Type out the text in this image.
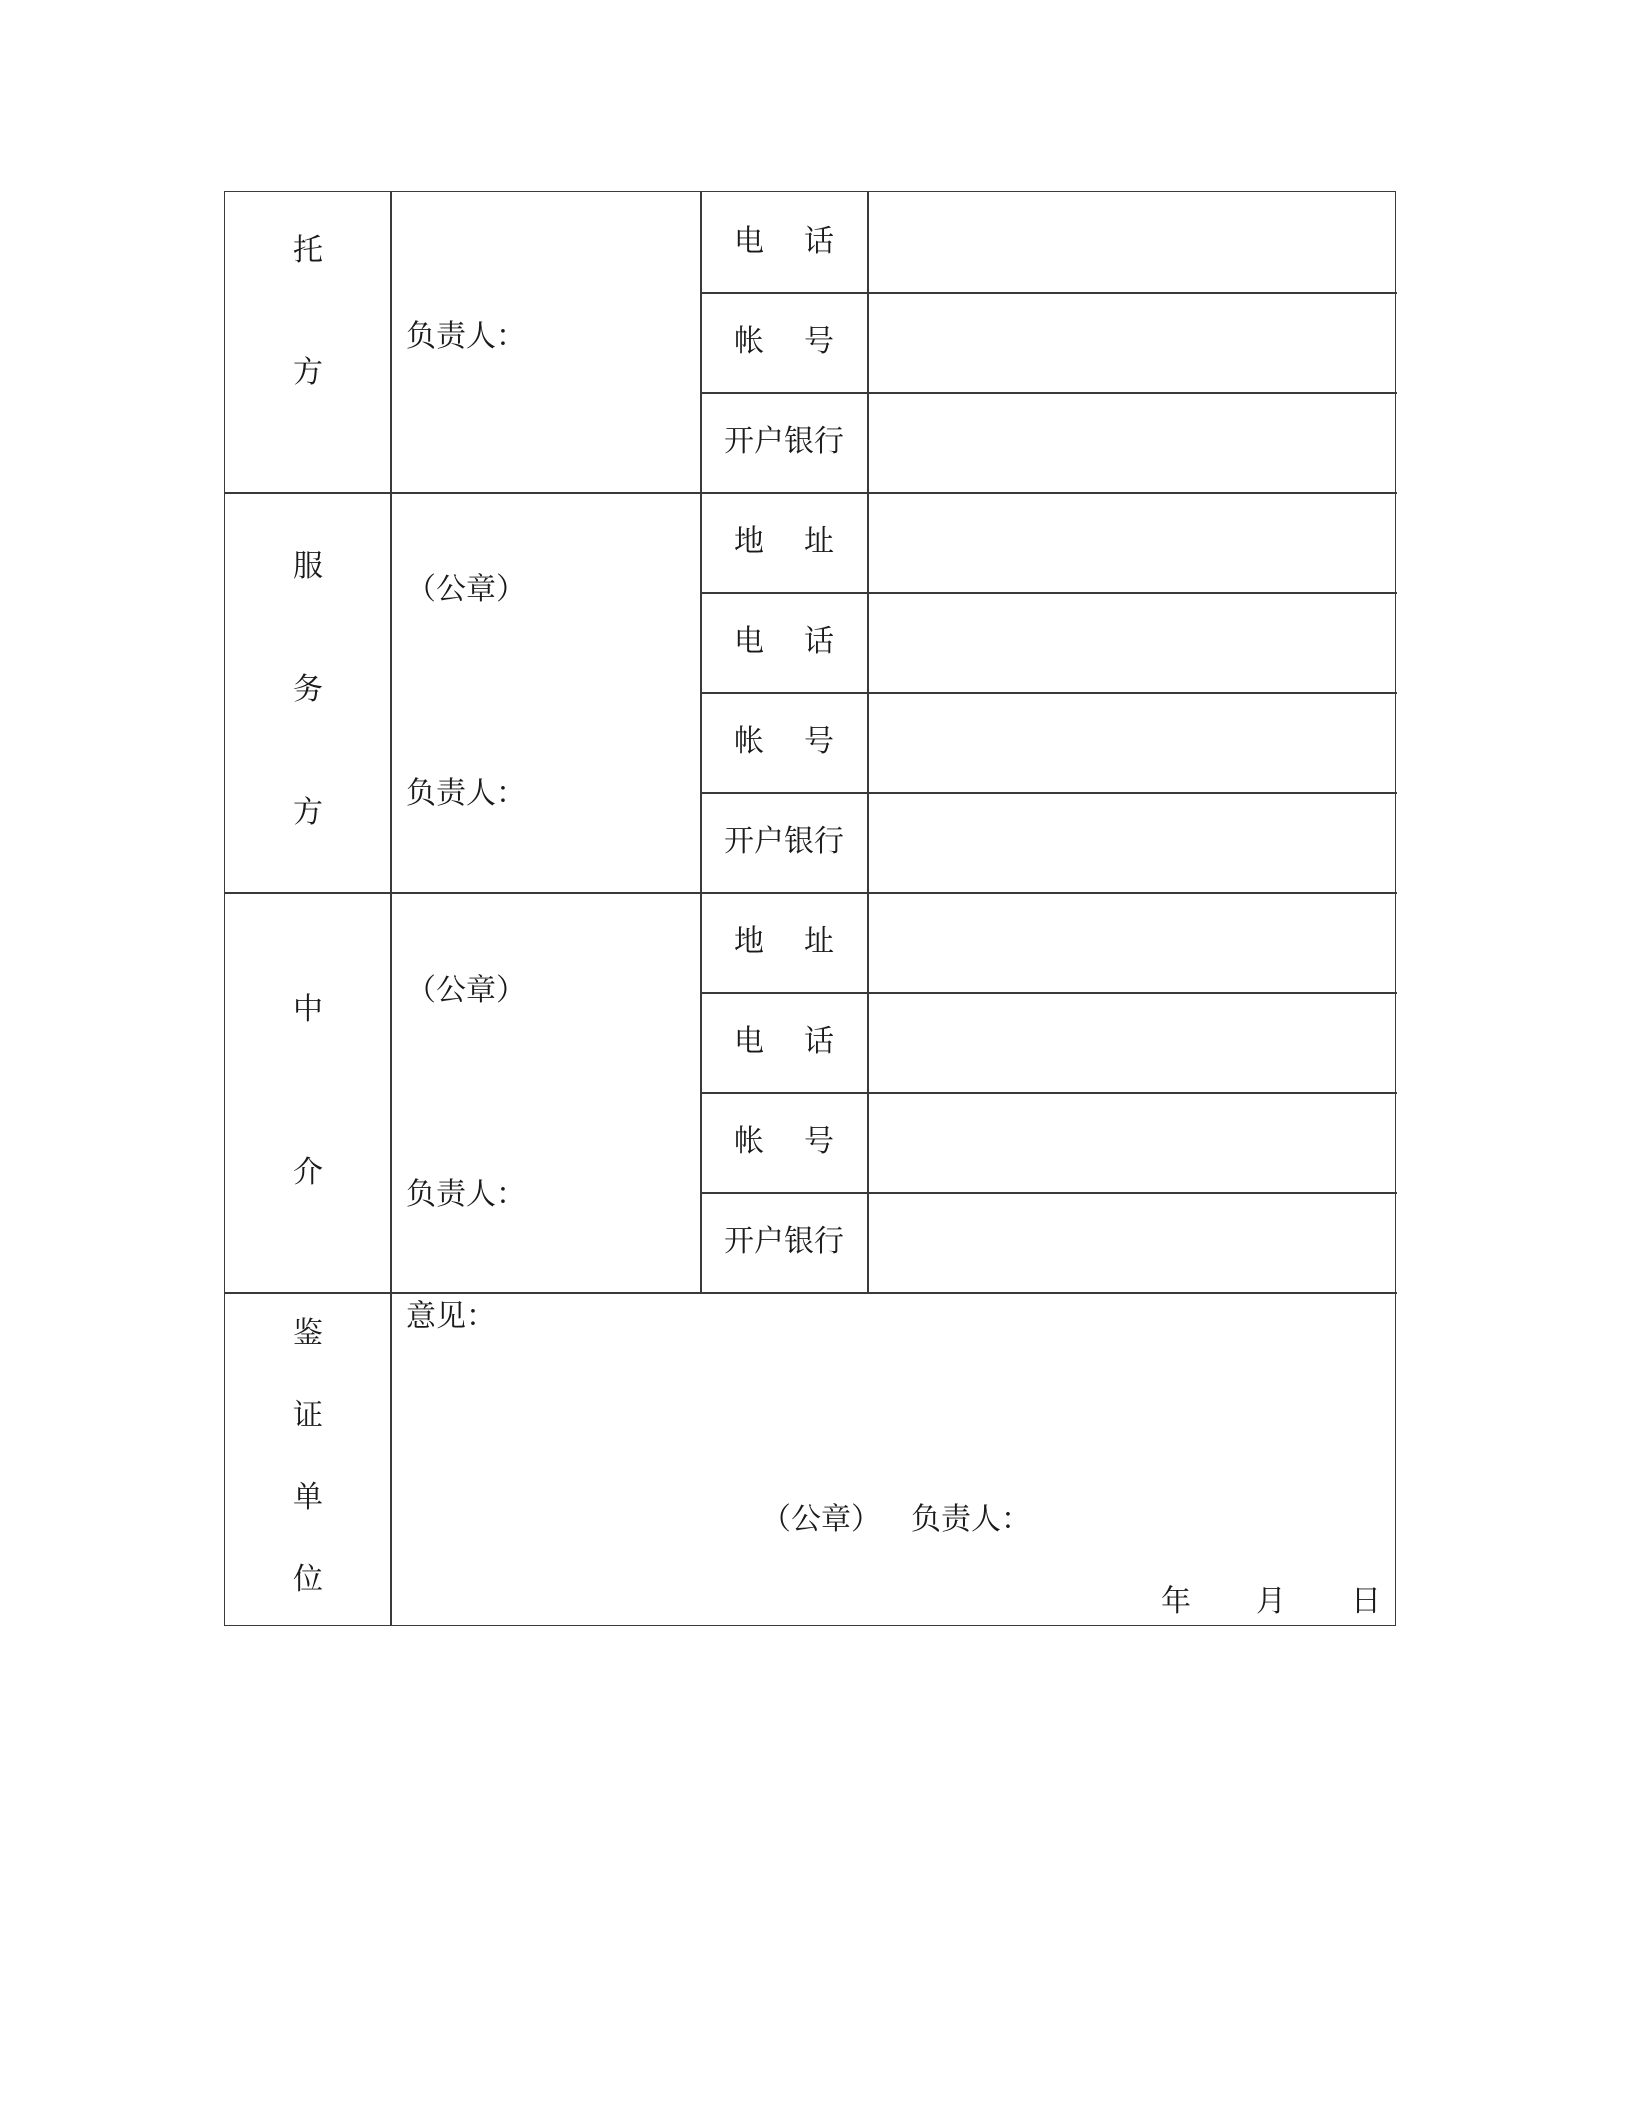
托
方
负责人：
电 话
帐 号
开户银行
服
务
方
（公章）
负责人：
地 址
电 话
帐 号
开户银行
中
介
（公章）
负责人：
地 址
电 话
帐 号
开户银行
鉴
证
单
位
意见：
（公章） 负责人：
年 月 日
